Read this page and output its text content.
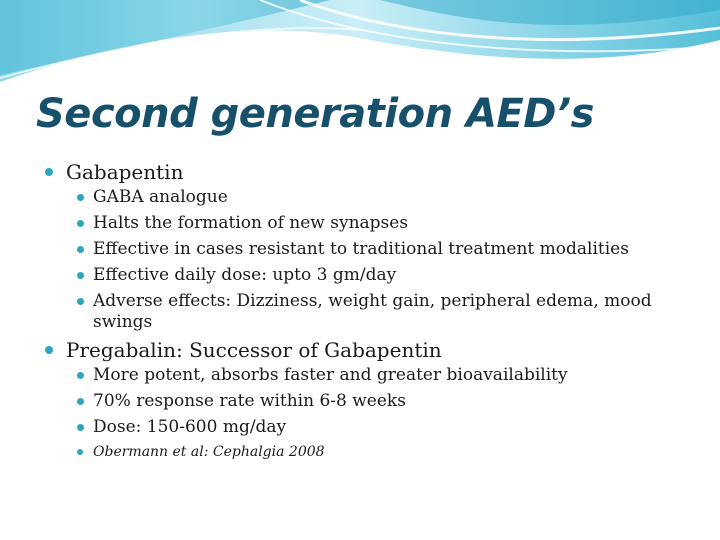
Second generation AEDʼs
Gabapentin
GABA analogue
Halts the formation of new synapses
Effective in cases resistant to traditional treatment modalities
Effective daily dose: upto 3 gm/day
Adverse effects: Dizziness, weight gain, peripheral edema, mood swings
Pregabalin: Successor of Gabapentin
More potent, absorbs faster and greater bioavailability
70% response rate within 6-8 weeks
Dose: 150-600 mg/day
Obermann et al: Cephalgia 2008
